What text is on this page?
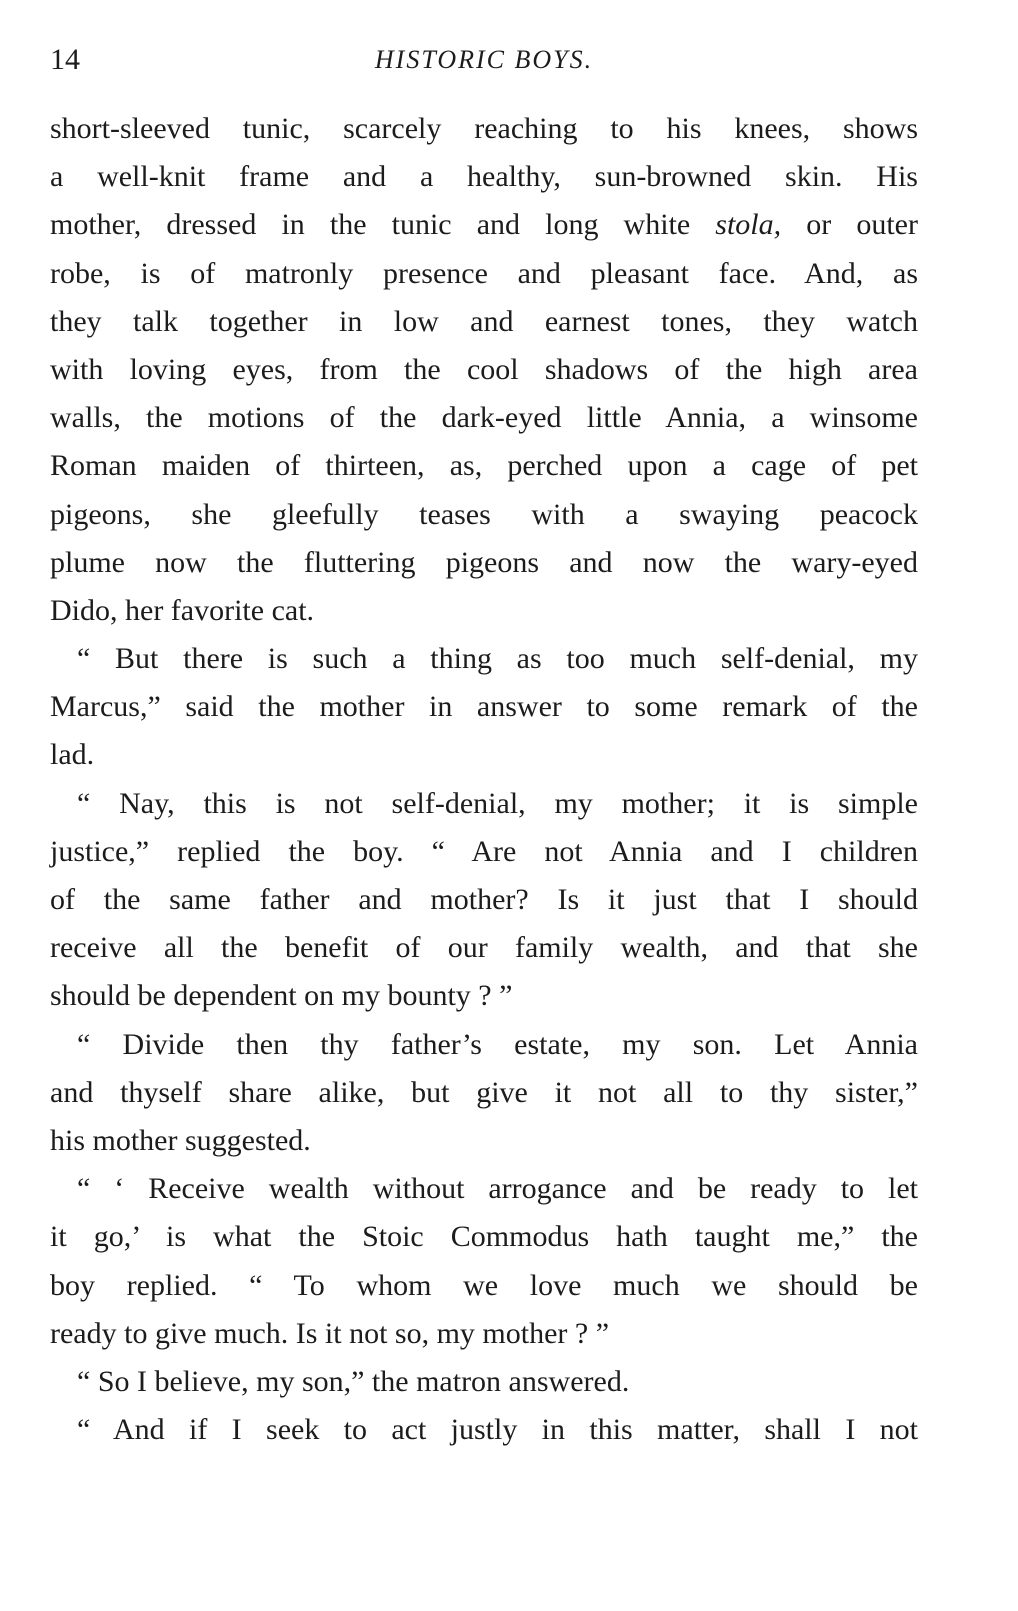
14	HISTORIC BOYS.
short-sleeved tunic, scarcely reaching to his knees, shows
a well-knit frame and a healthy, sun-browned skin. His
mother, dressed in the tunic and long white stola, or outer
robe, is of matronly presence and pleasant face. And, as
they talk together in low and earnest tones, they watch
with loving eyes, from the cool shadows of the high area
walls, the motions of the dark-eyed little Annia, a winsome
Roman maiden of thirteen, as, perched upon a cage of pet
pigeons, she gleefully teases with a swaying peacock
plume now the fluttering pigeons and now the wary-eyed
Dido, her favorite cat.
“ But there is such a thing as too much self-denial, my
Marcus,” said the mother in answer to some remark of the
lad.
“ Nay, this is not self-denial, my mother; it is simple
justice,” replied the boy. “ Are not Annia and I children
of the same father and mother? Is it just that I should
receive all the benefit of our family wealth, and that she
should be dependent on my bounty ? ”
“ Divide then thy father’s estate, my son. Let Annia
and thyself share alike, but give it not all to thy sister,”
his mother suggested.
“ ‘ Receive wealth without arrogance and be ready to let
it go,’ is what the Stoic Commodus hath taught me,” the
boy replied. “ To whom we love much we should be
ready to give much. Is it not so, my mother ? ”
“ So I believe, my son,” the matron answered.
“ And if I seek to act justly in this matter, shall I not
